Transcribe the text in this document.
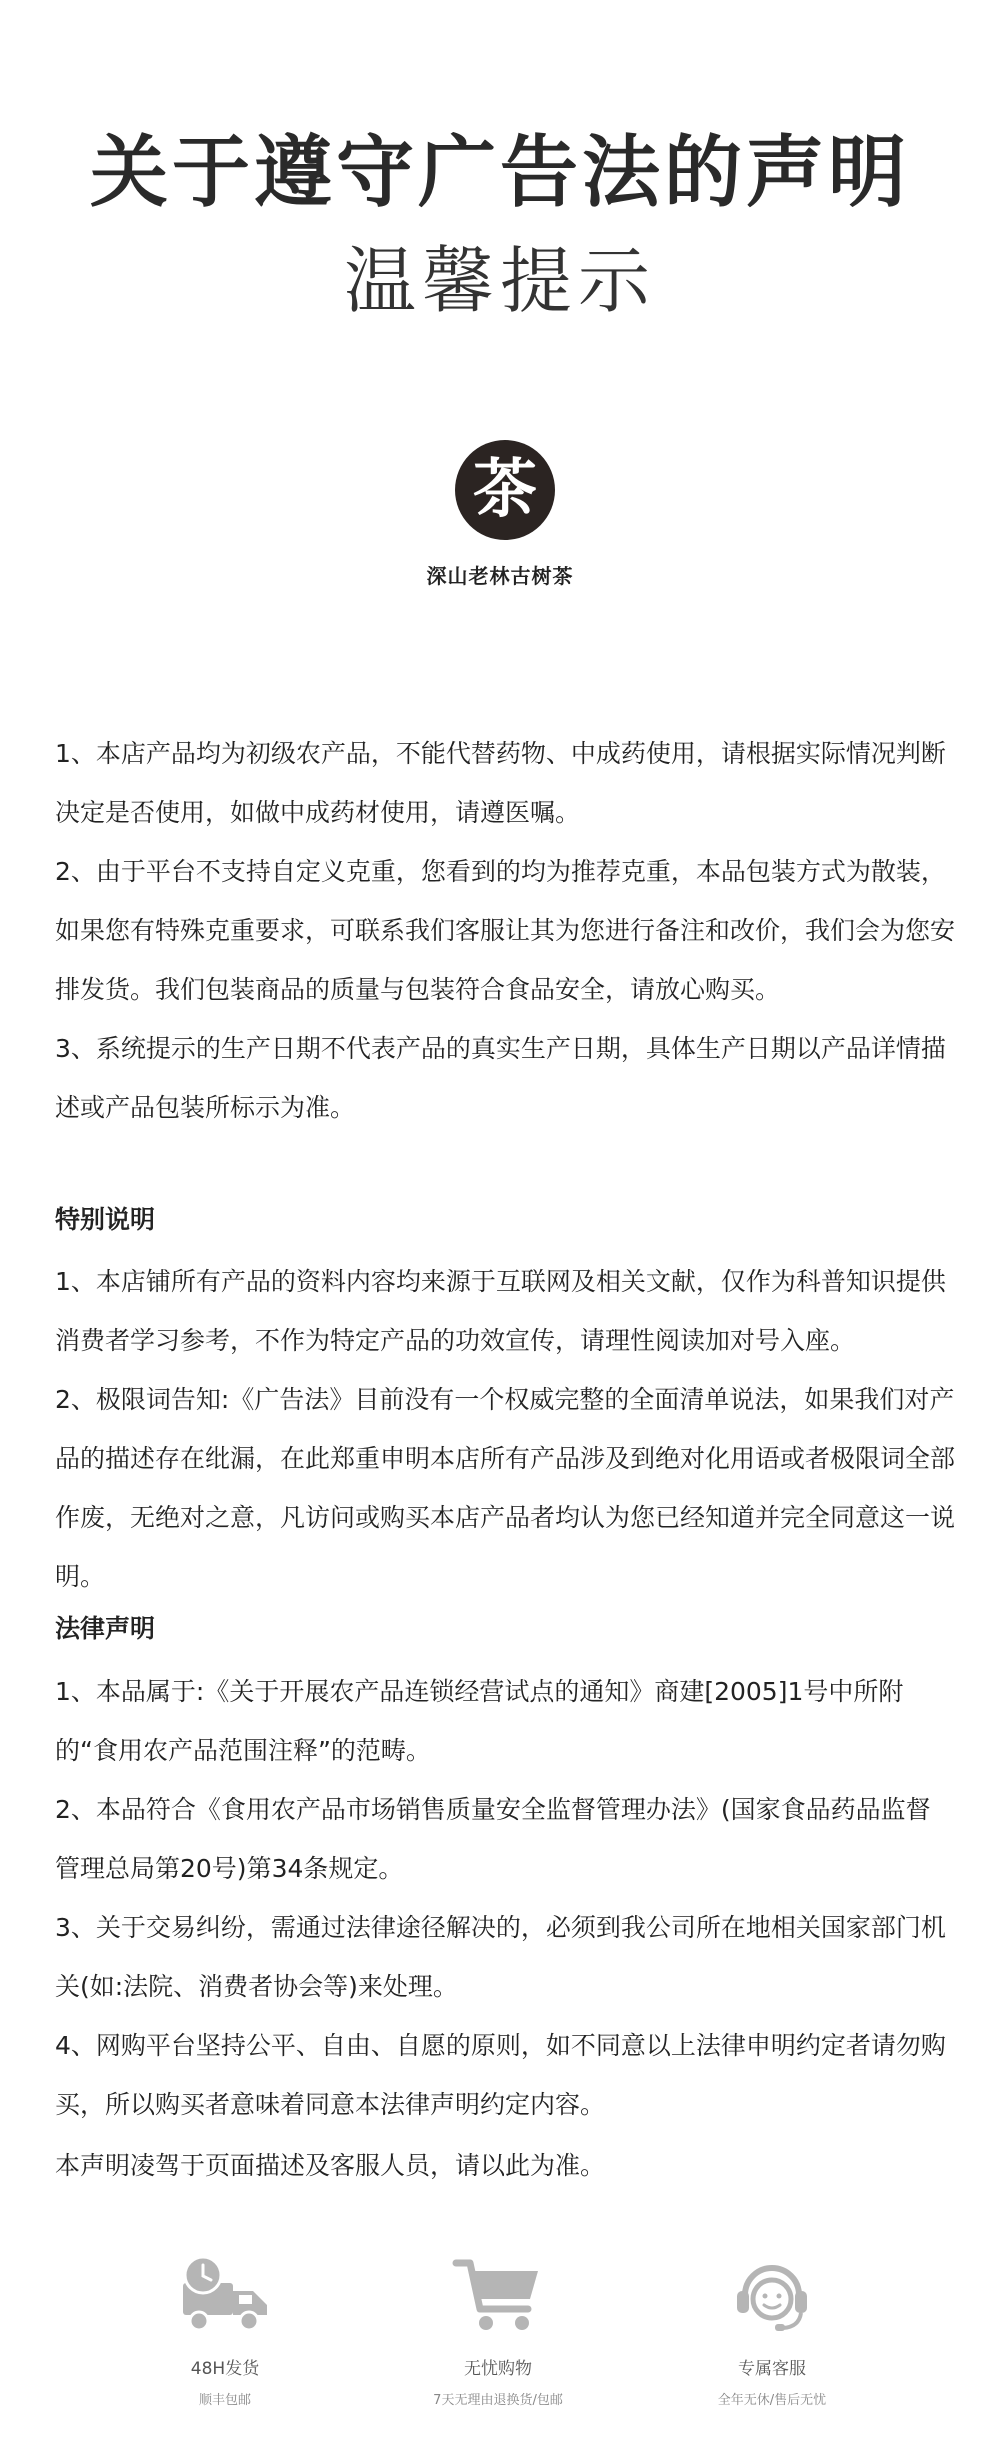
关于遵守广告法的声明
温馨提示
茶
深山老林古树茶
1、本店产品均为初级农产品，不能代替药物、中成药使用，请根据实际情况判断决定是否使用，如做中成药材使用，请遵医嘱。
2、由于平台不支持自定义克重，您看到的均为推荐克重，本品包装方式为散装，如果您有特殊克重要求，可联系我们客服让其为您进行备注和改价，我们会为您安排发货。我们包装商品的质量与包装符合食品安全，请放心购买。
3、系统提示的生产日期不代表产品的真实生产日期，具体生产日期以产品详情描述或产品包装所标示为准。
特别说明
1、本店铺所有产品的资料内容均来源于互联网及相关文献，仅作为科普知识提供消费者学习参考，不作为特定产品的功效宣传，请理性阅读加对号入座。
2、极限词告知:《广告法》目前没有一个权威完整的全面清单说法，如果我们对产品的描述存在纰漏，在此郑重申明本店所有产品涉及到绝对化用语或者极限词全部作废，无绝对之意，凡访问或购买本店产品者均认为您已经知道并完全同意这一说明。
法律声明
1、本品属于:《关于开展农产品连锁经营试点的通知》商建[2005]1号中所附的“食用农产品范围注释”的范畴。
2、本品符合《食用农产品市场销售质量安全监督管理办法》(国家食品药品监督管理总局第20号)第34条规定。
3、关于交易纠纷，需通过法律途径解决的，必须到我公司所在地相关国家部门机关(如:法院、消费者协会等)来处理。
4、网购平台坚持公平、自由、自愿的原则，如不同意以上法律申明约定者请勿购买，所以购买者意味着同意本法律声明约定内容。
本声明凌驾于页面描述及客服人员，请以此为准。
48H发货
顺丰包邮
无忧购物
7天无理由退换货/包邮
专属客服
全年无休/售后无忧
